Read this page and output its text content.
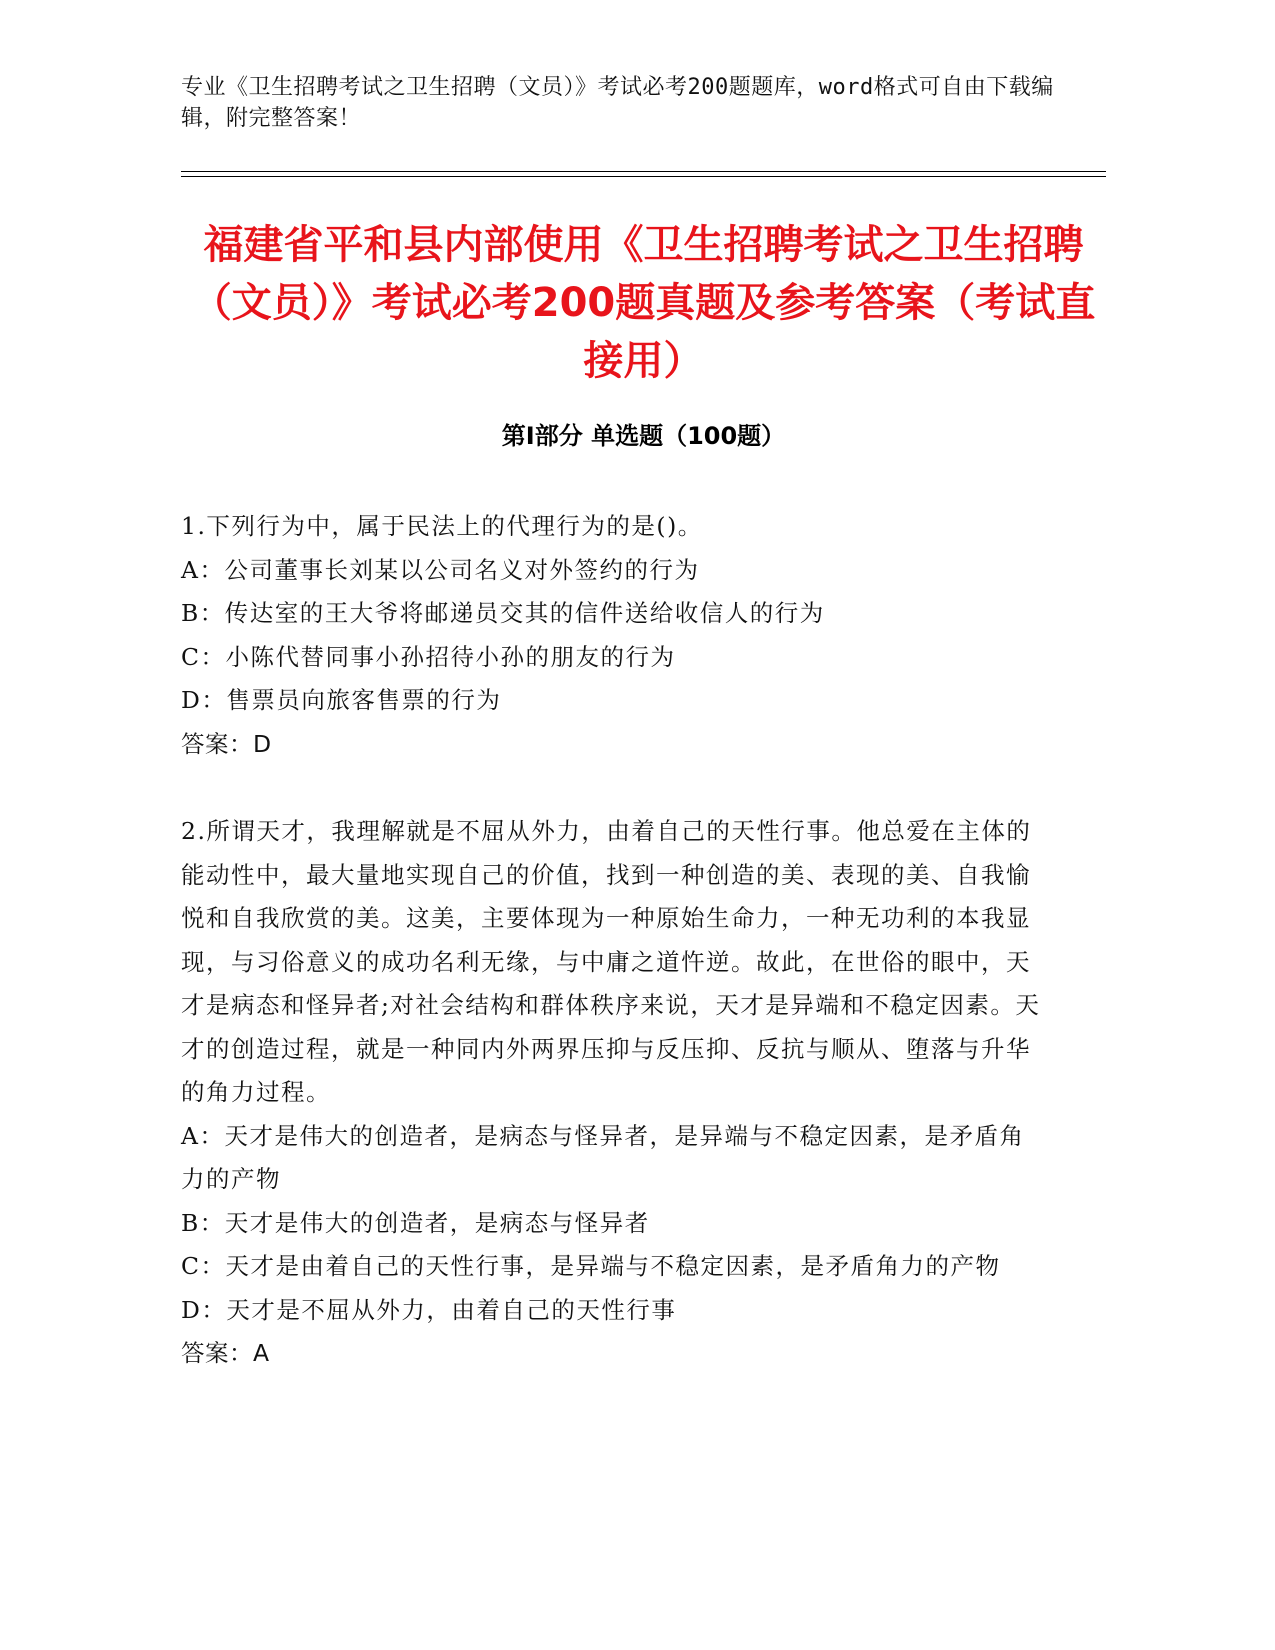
专业《卫生招聘考试之卫生招聘（文员）》考试必考200题题库，word格式可自由下载编辑，附完整答案！
福建省平和县内部使用《卫生招聘考试之卫生招聘（文员）》考试必考200题真题及参考答案（考试直接用）
第Ⅰ部分 单选题（100题）

1.下列行为中，属于民法上的代理行为的是()。

A：公司董事长刘某以公司名义对外签约的行为

B：传达室的王大爷将邮递员交其的信件送给收信人的行为

C：小陈代替同事小孙招待小孙的朋友的行为

D：售票员向旅客售票的行为

答案：D

2.所谓天才，我理解就是不屈从外力，由着自己的天性行事。他总爱在主体的能动性中，最大量地实现自己的价值，找到一种创造的美、表现的美、自我愉悦和自我欣赏的美。这美，主要体现为一种原始生命力，一种无功利的本我显现，与习俗意义的成功名利无缘，与中庸之道忤逆。故此，在世俗的眼中，天才是病态和怪异者;对社会结构和群体秩序来说，天才是异端和不稳定因素。天才的创造过程，就是一种同内外两界压抑与反压抑、反抗与顺从、堕落与升华的角力过程。

A：天才是伟大的创造者，是病态与怪异者，是异端与不稳定因素，是矛盾角力的产物

B：天才是伟大的创造者，是病态与怪异者

C：天才是由着自己的天性行事，是异端与不稳定因素，是矛盾角力的产物

D：天才是不屈从外力，由着自己的天性行事

答案：A
